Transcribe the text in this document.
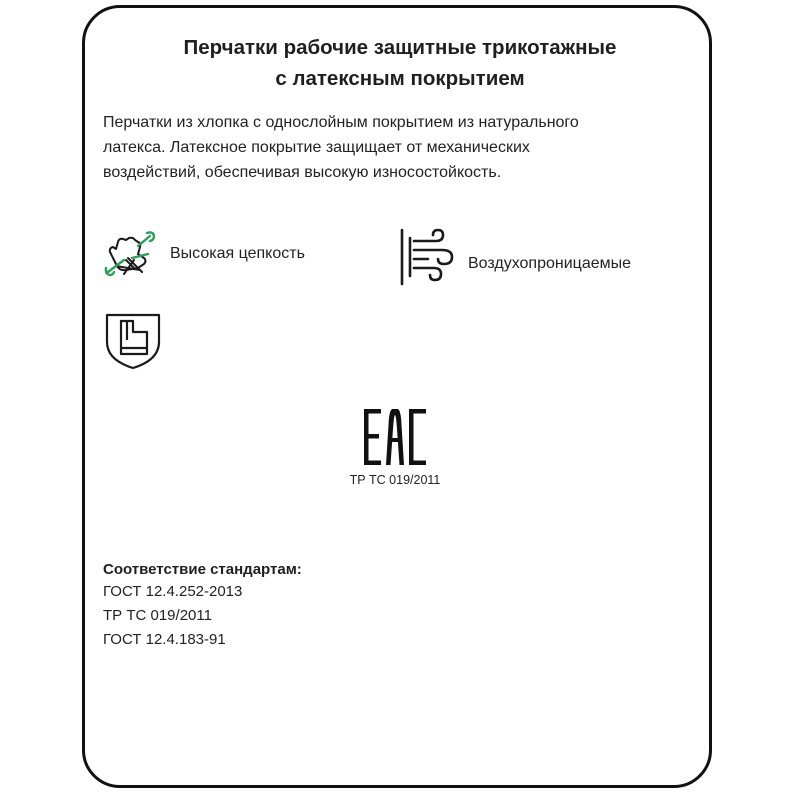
Перчатки рабочие защитные трикотажные
с латексным покрытием
Перчатки из хлопка с однослойным покрытием из натурального
латекса. Латексное покрытие защищает от механических
воздействий, обеспечивая высокую износостойкость.
Высокая цепкость
Воздухопроницаемые
ТР ТС 019/2011
Соответствие стандартам:
ГОСТ 12.4.252-2013
ТР ТС 019/2011
ГОСТ 12.4.183-91
